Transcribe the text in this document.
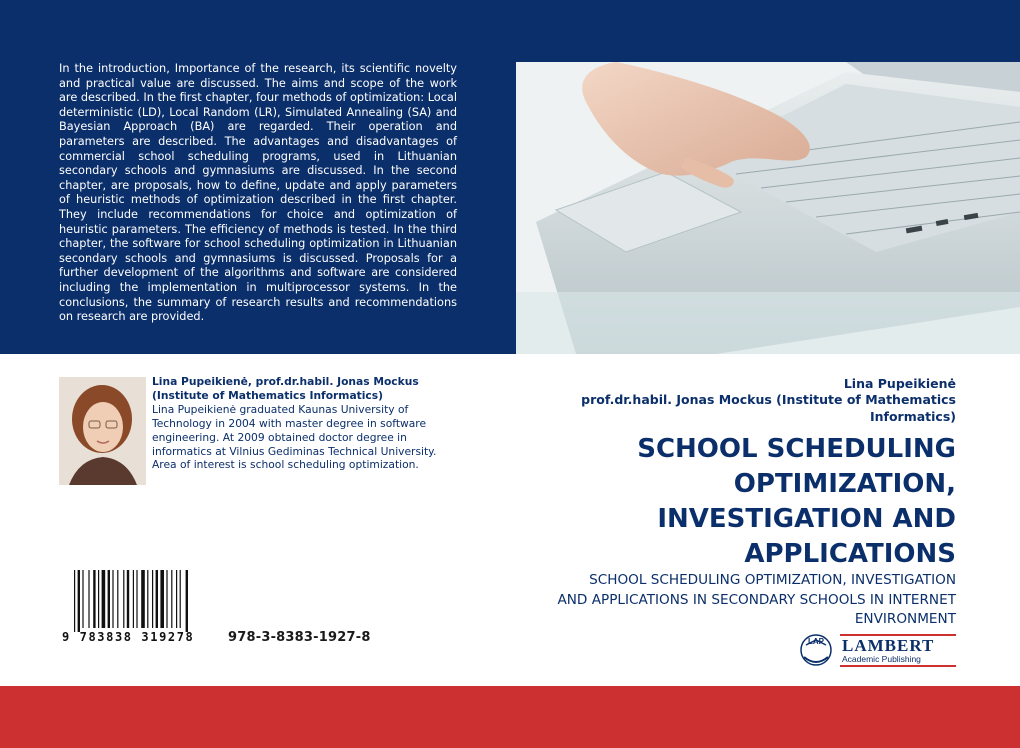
In the introduction, Importance of the research, its scientific novelty and practical value are discussed. The aims and scope of the work are described. In the first chapter, four methods of optimization: Local deterministic (LD), Local Random (LR), Simulated Annealing (SA) and Bayesian Approach (BA) are regarded. Their operation and parameters are described. The advantages and disadvantages of commercial school scheduling programs, used in Lithuanian secondary schools and gymnasiums are discussed. In the second chapter, are proposals, how to define, update and apply parameters of heuristic methods of optimization described in the first chapter. They include recommendations for choice and optimization of heuristic parameters. The efficiency of methods is tested. In the third chapter, the software for school scheduling optimization in Lithuanian secondary schools and gymnasiums is discussed. Proposals for a further development of the algorithms and software are considered including the implementation in multiprocessor systems. In the conclusions, the summary of research results and recommendations on research are provided.
Lina Pupeikienė, prof.dr.habil. Jonas Mockus
(Institute of Mathematics Informatics)
Lina Pupeikienė graduated Kaunas University of Technology in 2004 with master degree in software engineering. At 2009 obtained doctor degree in informatics at Vilnius Gediminas Technical University. Area of interest is school scheduling optimization.
9 783838 319278	978-3-8383-1927-8
Lina Pupeikienė
prof.dr.habil. Jonas Mockus (Institute of Mathematics Informatics)
SCHOOL SCHEDULING OPTIMIZATION, INVESTIGATION AND APPLICATIONS
SCHOOL SCHEDULING OPTIMIZATION, INVESTIGATION AND APPLICATIONS IN SECONDARY SCHOOLS IN INTERNET ENVIRONMENT
LAP LAMBERT
Academic Publishing
